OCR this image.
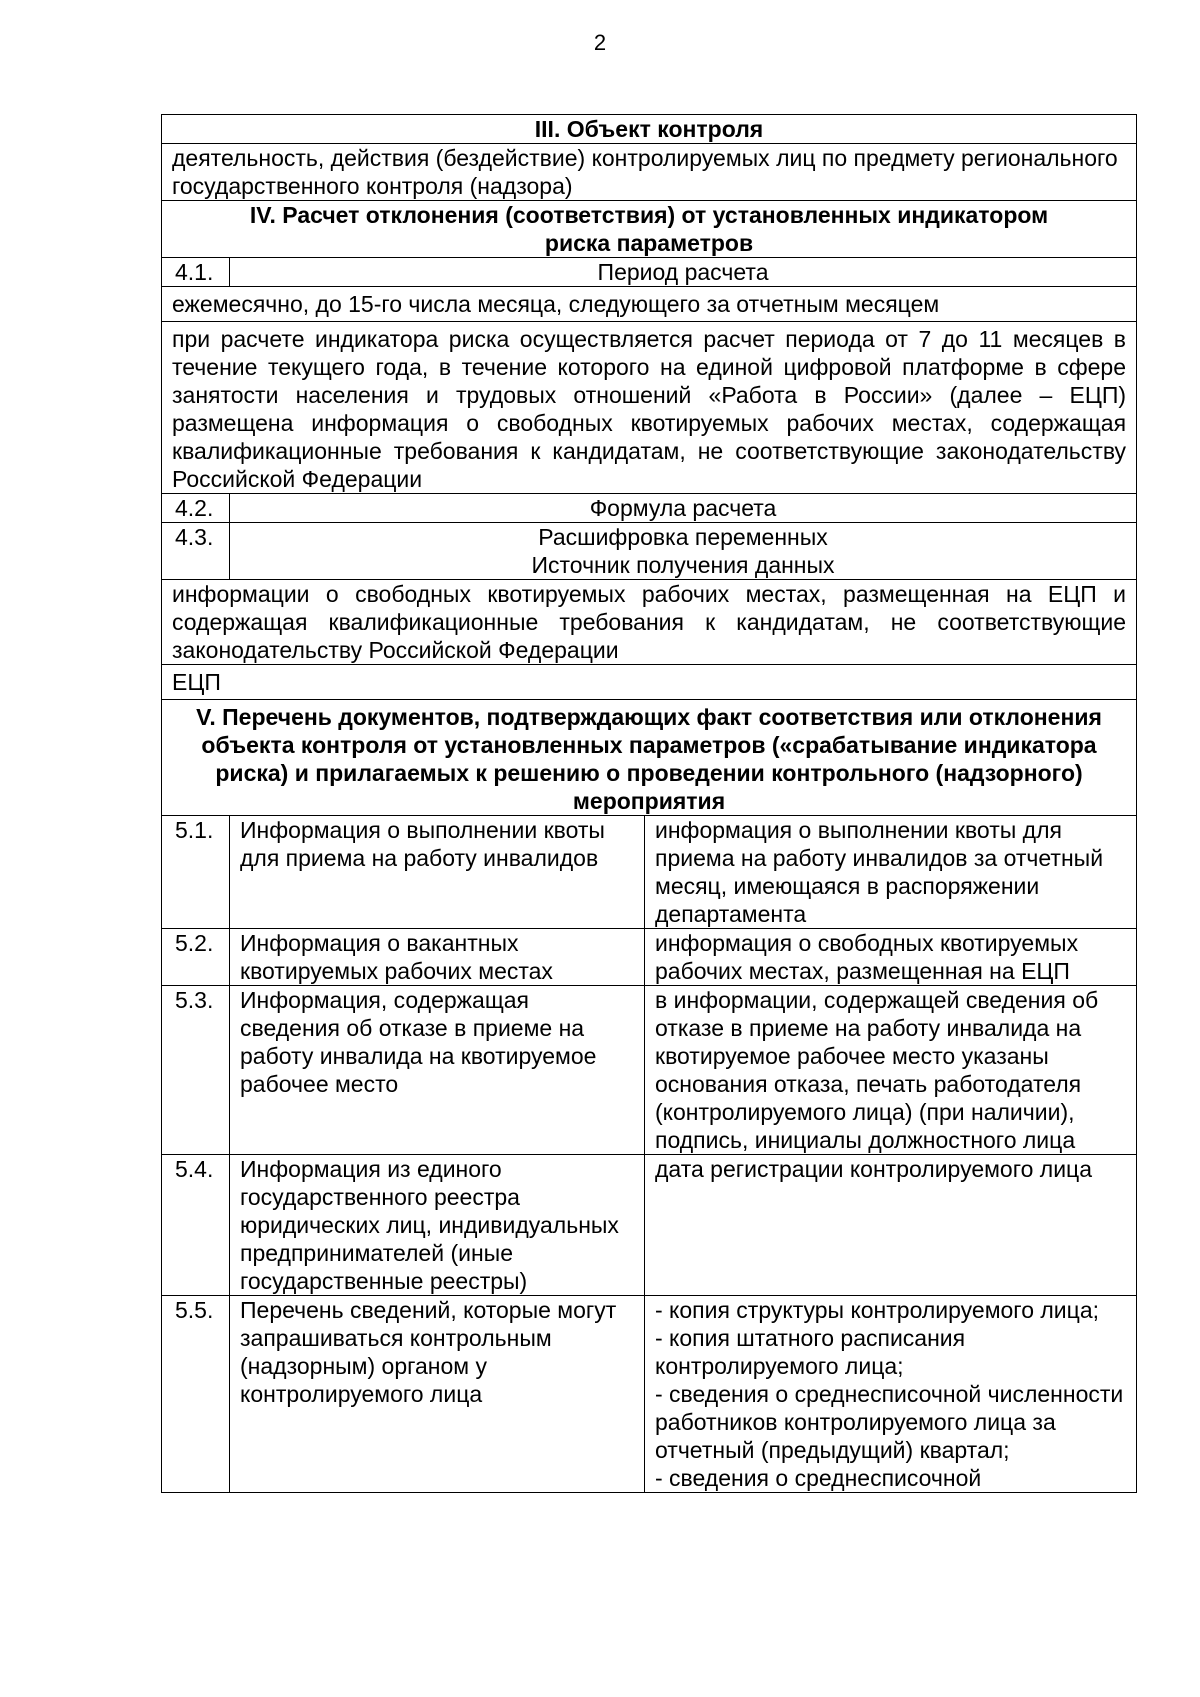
2
III. Объект контроля		
деятельность, действия (бездействие) контролируемых лиц по предмету регионального государственного контроля (надзора)		
IV. Расчет отклонения (соответствия) от установленных индикатором риска параметров		
4.1.	Период расчета	
ежемесячно, до 15-го числа месяца, следующего за отчетным месяцем		
при расчете индикатора риска осуществляется расчет периода от 7 до 11 месяцев в течение текущего года, в течение которого на единой цифровой платформе в сфере занятости населения и трудовых отношений «Работа в России» (далее – ЕЦП) размещена информация о свободных квотируемых рабочих местах, содержащая квалификационные требования к кандидатам, не соответствующие законодательству Российской Федерации		
4.2.	Формула расчета	
4.3.	Расшифровка переменных
Источник получения данных	

информации о свободных квотируемых рабочих местах, размещенная на ЕЦП и содержащая квалификационные требования к кандидатам, не соответствующие законодательству Российской Федерации		
ЕЦП		
V. Перечень документов, подтверждающих факт соответствия или отклонения объекта контроля от установленных параметров («срабатывание индикатора риска) и прилагаемых к решению о проведении контрольного (надзорного) мероприятия		
5.1.	Информация о выполнении квоты для приема на работу инвалидов	информация о выполнении квоты для приема на работу инвалидов за отчетный месяц, имеющаяся в распоряжении департамента
5.2.	Информация о вакантных квотируемых рабочих местах	информация о свободных квотируемых рабочих местах, размещенная на ЕЦП
5.3.	Информация, содержащая сведения об отказе в приеме на работу инвалида на квотируемое рабочее место	в информации, содержащей сведения об отказе в приеме на работу инвалида на квотируемое рабочее место указаны основания отказа, печать работодателя (контролируемого лица) (при наличии), подпись, инициалы должностного лица
5.4.	Информация из единого государственного реестра юридических лиц, индивидуальных предпринимателей (иные государственные реестры)	дата регистрации контролируемого лица
5.5.	Перечень сведений, которые могут запрашиваться контрольным (надзорным) органом у контролируемого лица	- копия структуры контролируемого лица;
- копия штатного расписания контролируемого лица;
- сведения о среднесписочной численности работников контролируемого лица за отчетный (предыдущий) квартал;
- сведения о среднесписочной
